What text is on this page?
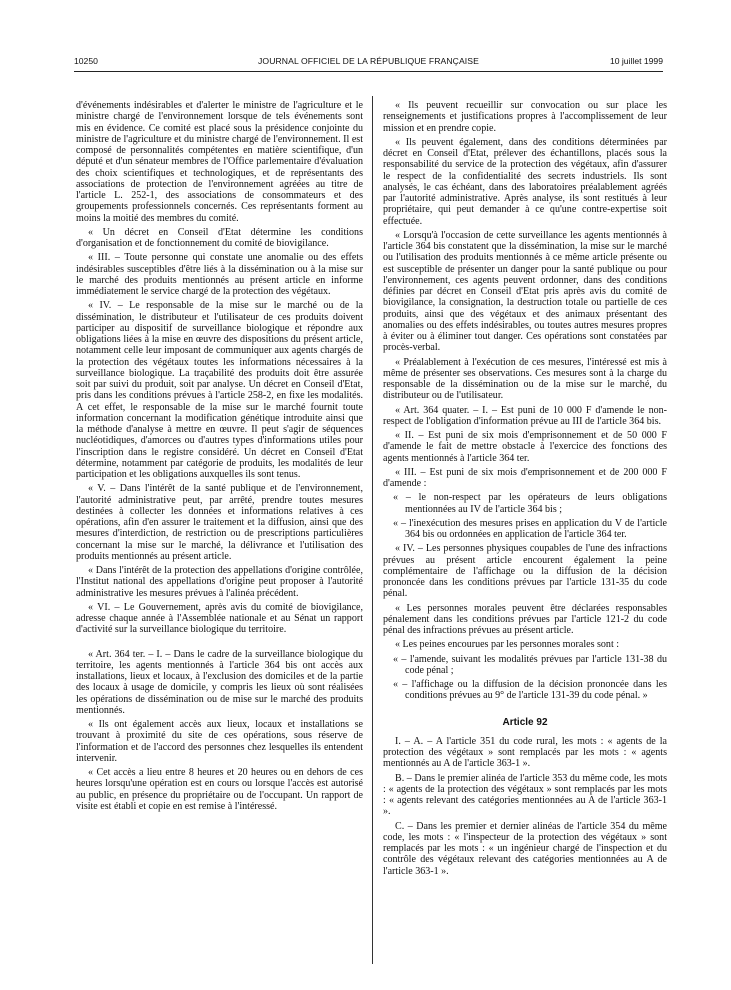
10250	JOURNAL OFFICIEL DE LA RÉPUBLIQUE FRANÇAISE	10 juillet 1999

d'événements indésirables et d'alerter le ministre de l'agriculture et le ministre chargé de l'environnement lorsque de tels événements sont mis en évidence. Ce comité est placé sous la présidence conjointe du ministre de l'agriculture et du ministre chargé de l'environnement. Il est composé de personnalités compétentes en matière scientifique, d'un député et d'un sénateur membres de l'Office parlementaire d'évaluation des choix scientifiques et technologiques, et de représentants des associations de protection de l'environnement agréées au titre de l'article L. 252-1, des associations de consommateurs et des groupements professionnels concernés. Ces représentants forment au moins la moitié des membres du comité.

« Un décret en Conseil d'Etat détermine les conditions d'organisation et de fonctionnement du comité de biovigilance.

« III. – Toute personne qui constate une anomalie ou des effets indésirables susceptibles d'être liés à la dissémination ou à la mise sur le marché des produits mentionnés au présent article en informe immédiatement le service chargé de la protection des végétaux.

« IV. – Le responsable de la mise sur le marché ou de la dissémination, le distributeur et l'utilisateur de ces produits doivent participer au dispositif de surveillance biologique et répondre aux obligations liées à la mise en œuvre des dispositions du présent article, notamment celle leur imposant de communiquer aux agents chargés de la protection des végétaux toutes les informations nécessaires à la surveillance biologique. La traçabilité des produits doit être assurée soit par suivi du produit, soit par analyse. Un décret en Conseil d'Etat, pris dans les conditions prévues à l'article 258-2, en fixe les modalités. A cet effet, le responsable de la mise sur le marché fournit toute information concernant la modification génétique introduite ainsi que la méthode d'analyse à mettre en œuvre. Il peut s'agir de séquences nucléotidiques, d'amorces ou d'autres types d'informations utiles pour l'inscription dans le registre considéré. Un décret en Conseil d'Etat détermine, notamment par catégorie de produits, les modalités de leur participation et les obligations auxquelles ils sont tenus.

« V. – Dans l'intérêt de la santé publique et de l'environnement, l'autorité administrative peut, par arrêté, prendre toutes mesures destinées à collecter les données et informations relatives à ces opérations, afin d'en assurer le traitement et la diffusion, ainsi que des mesures d'interdiction, de restriction ou de prescriptions particulières concernant la mise sur le marché, la délivrance et l'utilisation des produits mentionnés au présent article.

« Dans l'intérêt de la protection des appellations d'origine contrôlée, l'Institut national des appellations d'origine peut proposer à l'autorité administrative les mesures prévues à l'alinéa précédent.

« VI. – Le Gouvernement, après avis du comité de biovigilance, adresse chaque année à l'Assemblée nationale et au Sénat un rapport d'activité sur la surveillance biologique du territoire.

« Art. 364 ter. – I. – Dans le cadre de la surveillance biologique du territoire, les agents mentionnés à l'article 364 bis ont accès aux installations, lieux et locaux, à l'exclusion des domiciles et de la partie des locaux à usage de domicile, y compris les lieux où sont réalisées les opérations de dissémination ou de mise sur le marché des produits mentionnés.

« Ils ont également accès aux lieux, locaux et installations se trouvant à proximité du site de ces opérations, sous réserve de l'information et de l'accord des personnes chez lesquelles ils entendent intervenir.

« Cet accès a lieu entre 8 heures et 20 heures ou en dehors de ces heures lorsqu'une opération est en cours ou lorsque l'accès est autorisé au public, en présence du propriétaire ou de l'occupant. Un rapport de visite est établi et copie en est remise à l'intéressé.

« Ils peuvent recueillir sur convocation ou sur place les renseignements et justifications propres à l'accomplissement de leur mission et en prendre copie.

« Ils peuvent également, dans des conditions déterminées par décret en Conseil d'Etat, prélever des échantillons, placés sous la responsabilité du service de la protection des végétaux, afin d'assurer le respect de la confidentialité des secrets industriels. Ils sont analysés, le cas échéant, dans des laboratoires préalablement agréés par l'autorité administrative. Après analyse, ils sont restitués à leur propriétaire, qui peut demander à ce qu'une contre-expertise soit effectuée.

« Lorsqu'à l'occasion de cette surveillance les agents mentionnés à l'article 364 bis constatent que la dissémination, la mise sur le marché ou l'utilisation des produits mentionnés à ce même article présente ou est susceptible de présenter un danger pour la santé publique ou pour l'environnement, ces agents peuvent ordonner, dans des conditions définies par décret en Conseil d'Etat pris après avis du comité de biovigilance, la consignation, la destruction totale ou partielle de ces produits, ainsi que des végétaux et des animaux présentant des anomalies ou des effets indésirables, ou toutes autres mesures propres à éviter ou à éliminer tout danger. Ces opérations sont constatées par procès-verbal.

« Préalablement à l'exécution de ces mesures, l'intéressé est mis à même de présenter ses observations. Ces mesures sont à la charge du responsable de la dissémination ou de la mise sur le marché, du distributeur ou de l'utilisateur.

« Art. 364 quater. – I. – Est puni de 10 000 F d'amende le non-respect de l'obligation d'information prévue au III de l'article 364 bis.

« II. – Est puni de six mois d'emprisonnement et de 50 000 F d'amende le fait de mettre obstacle à l'exercice des fonctions des agents mentionnés à l'article 364 ter.

« III. – Est puni de six mois d'emprisonnement et de 200 000 F d'amende :

« – le non-respect par les opérateurs de leurs obligations mentionnées au IV de l'article 364 bis ;

« – l'inexécution des mesures prises en application du V de l'article 364 bis ou ordonnées en application de l'article 364 ter.

« IV. – Les personnes physiques coupables de l'une des infractions prévues au présent article encourent également la peine complémentaire de l'affichage ou la diffusion de la décision prononcée dans les conditions prévues par l'article 131-35 du code pénal.

« Les personnes morales peuvent être déclarées responsables pénalement dans les conditions prévues par l'article 121-2 du code pénal des infractions prévues au présent article.

« Les peines encourues par les personnes morales sont :

« – l'amende, suivant les modalités prévues par l'article 131-38 du code pénal ;

« – l'affichage ou la diffusion de la décision prononcée dans les conditions prévues au 9° de l'article 131-39 du code pénal. »

Article 92

I. – A. – A l'article 351 du code rural, les mots : « agents de la protection des végétaux » sont remplacés par les mots : « agents mentionnés au A de l'article 363-1 ».

B. – Dans le premier alinéa de l'article 353 du même code, les mots : « agents de la protection des végétaux » sont remplacés par les mots : « agents relevant des catégories mentionnées au A de l'article 363-1 ».

C. – Dans les premier et dernier alinéas de l'article 354 du même code, les mots : « l'inspecteur de la protection des végétaux » sont remplacés par les mots : « un ingénieur chargé de l'inspection et du contrôle des végétaux relevant des catégories mentionnées au A de l'article 363-1 ».
